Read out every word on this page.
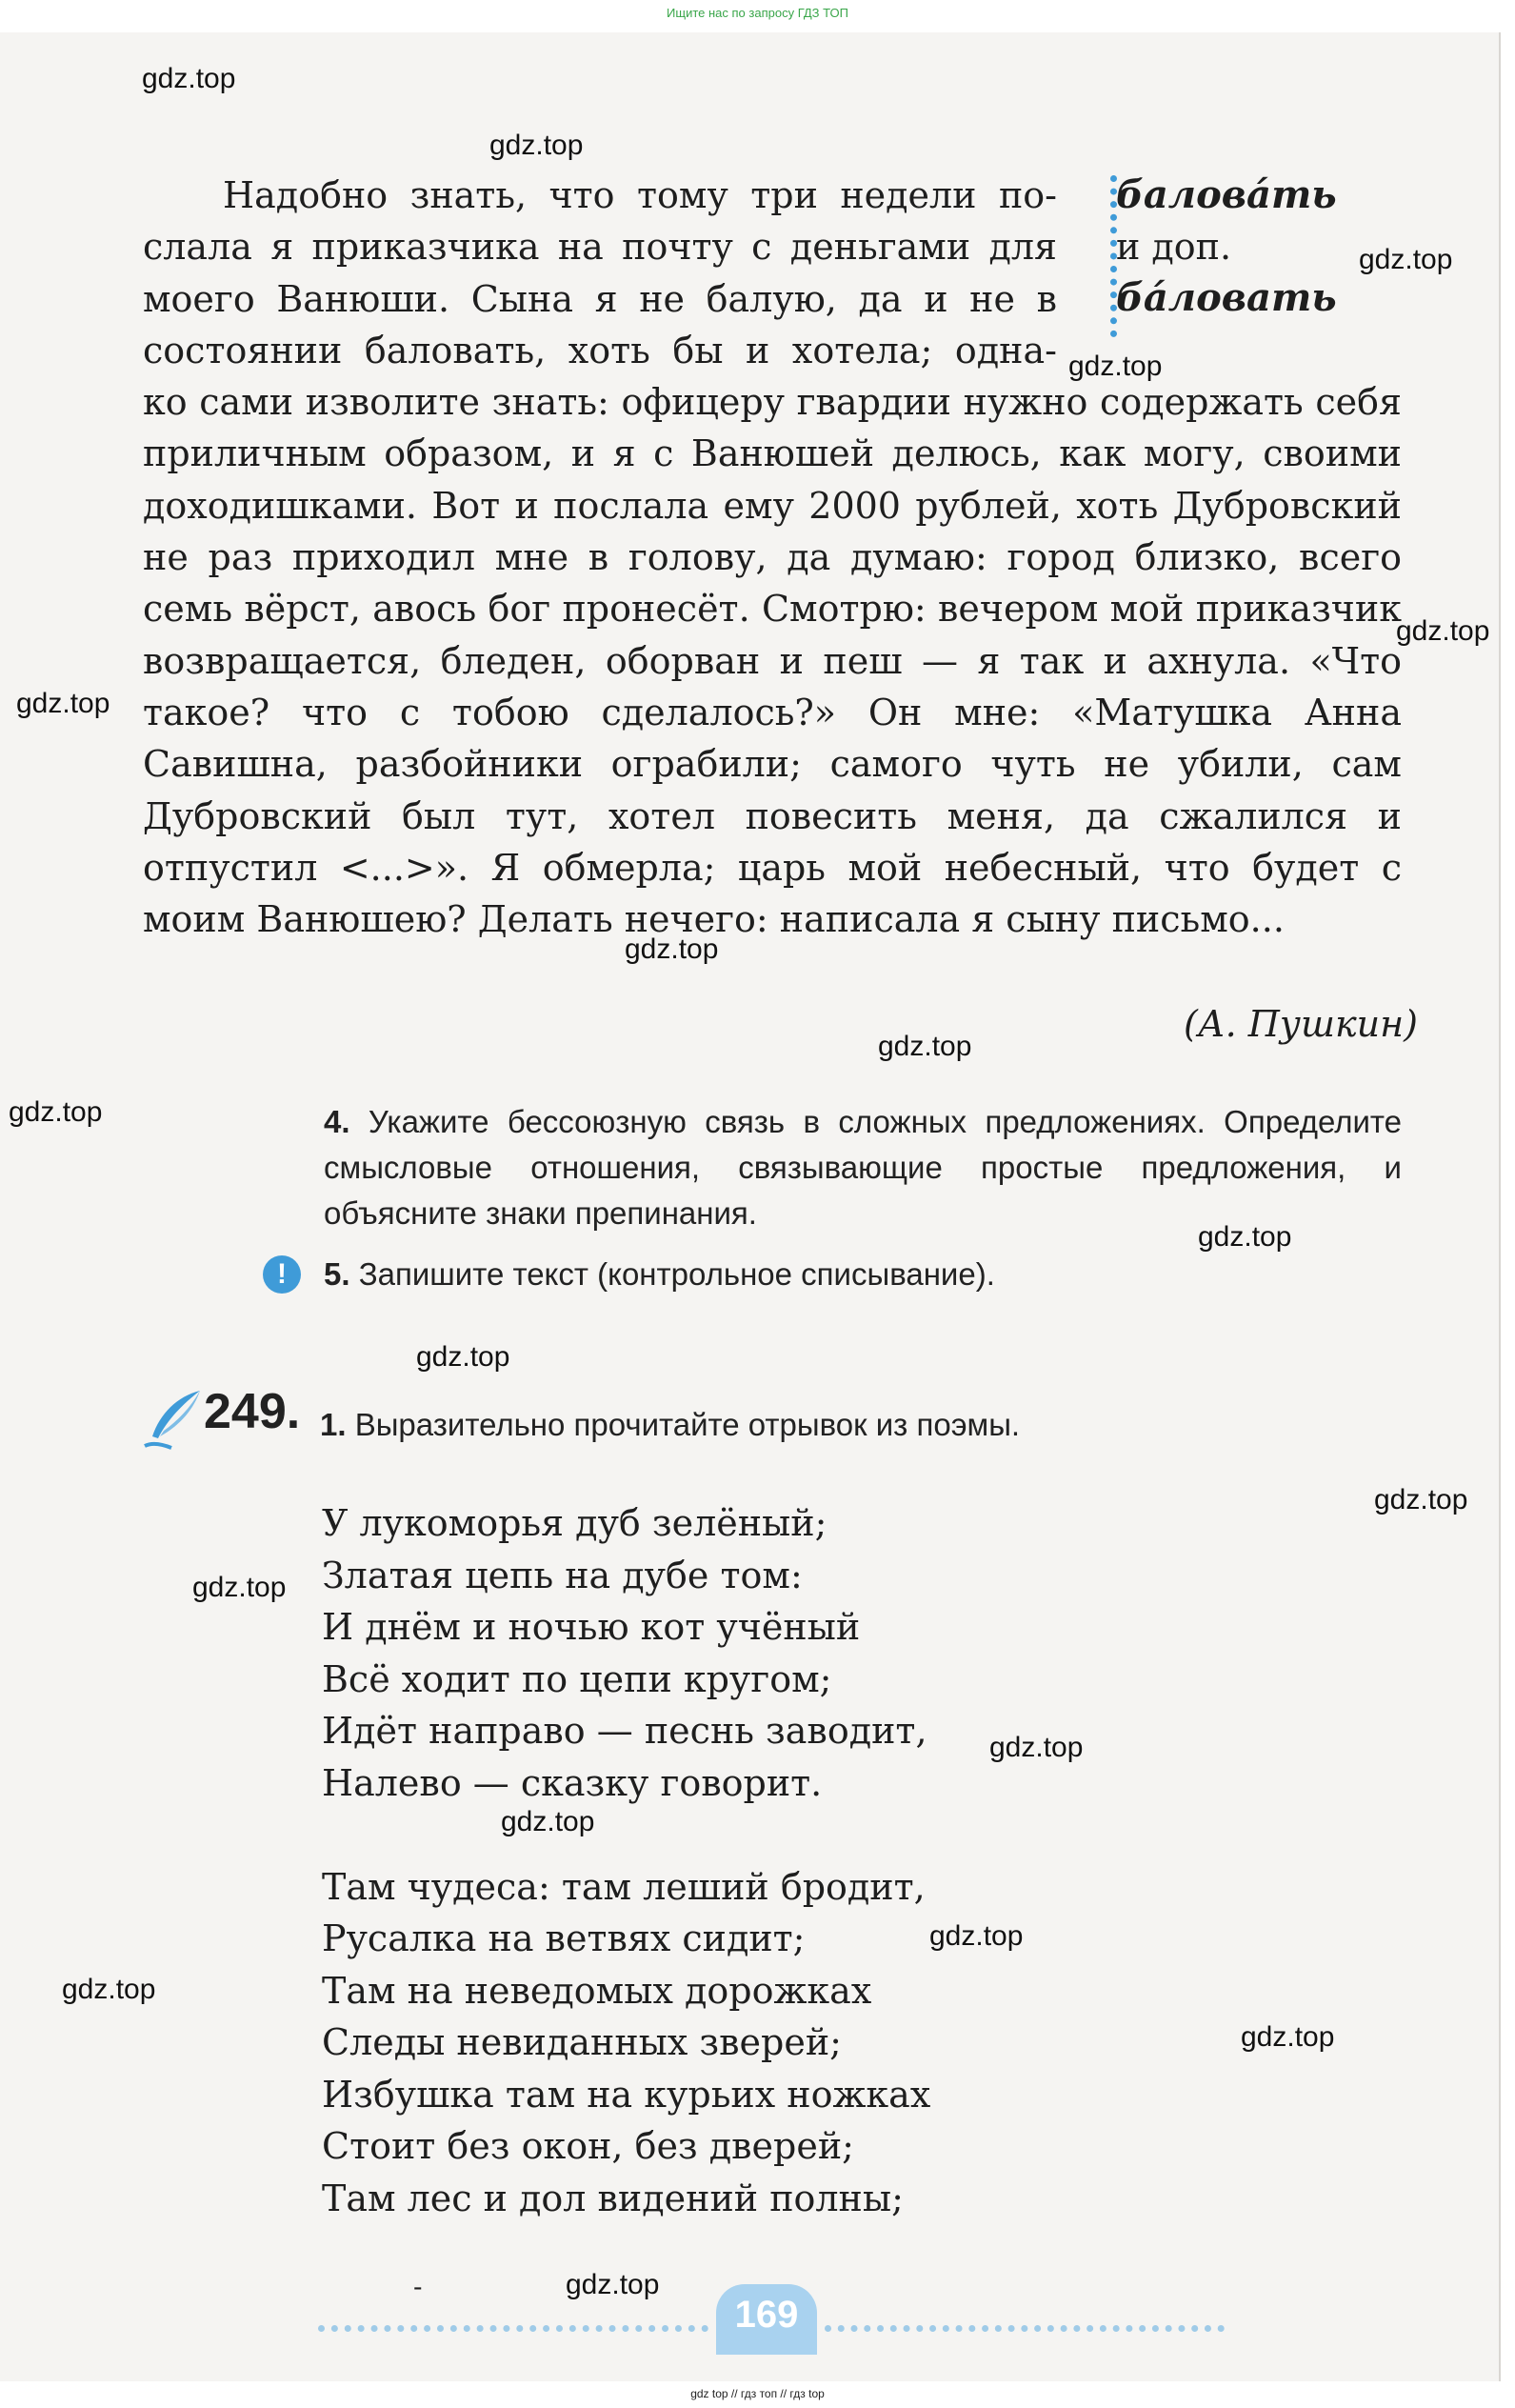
Ищите нас по запросу ГДЗ ТОП
gdz.top
gdz.top
gdz.top
gdz.top
gdz.top
gdz.top
gdz.top
gdz.top
gdz.top
gdz.top
gdz.top
gdz.top
gdz.top
gdz.top
gdz.top
gdz.top
gdz.top
gdz.top
gdz.top

Надобно знать, что тому три недели по-

слала я приказчика на почту с деньгами для

моего Ванюши. Сына я не балую, да и не в

состоянии баловать, хоть бы и хотела; одна-

ко сами изволите знать: офицеру гвардии нужно содержать себя приличным образом, и я с Ванюшей делюсь, как могу, своими доходишками. Вот и послала ему 2000 рублей, хоть Дубровский не раз приходил мне в голову, да думаю: город близко, всего семь вёрст, авось бог пронесёт. Смотрю: вечером мой приказчик возвращается, бледен, оборван и пеш — я так и ахнула. «Что такое? что с тобою сделалось?» Он мне: «Матушка Анна Савишна, разбойники ограбили; самого чуть не убили, сам Дубровский был тут, хотел повесить меня, да сжалился и отпустил <...>». Я обмерла; царь мой небесный, что будет с моим Ванюшею? Делать нечего: написала я сыну письмо...

баловáть
и доп.
бáловать
(А. Пушкин)
4. Укажите бессоюзную связь в сложных предложениях. Определите смысловые отношения, связывающие простые предложения, и объясните знаки препинания.
!	5. Запишите текст (контрольное списывание).
249. 1. Выразительно прочитайте отрывок из поэмы.
У лукоморья дуб зелёный;
Златая цепь на дубе том:
И днём и ночью кот учёный
Всё ходит по цепи кругом;
Идёт направо — песнь заводит,
Налево — сказку говорит.
Там чудеса: там леший бродит,
Русалка на ветвях сидит;
Там на неведомых дорожках
Следы невиданных зверей;
Избушка там на курьих ножках
Стоит без окон, без дверей;
Там лес и дол видений полны;
-
169
gdz top // гдз топ // гдз top
